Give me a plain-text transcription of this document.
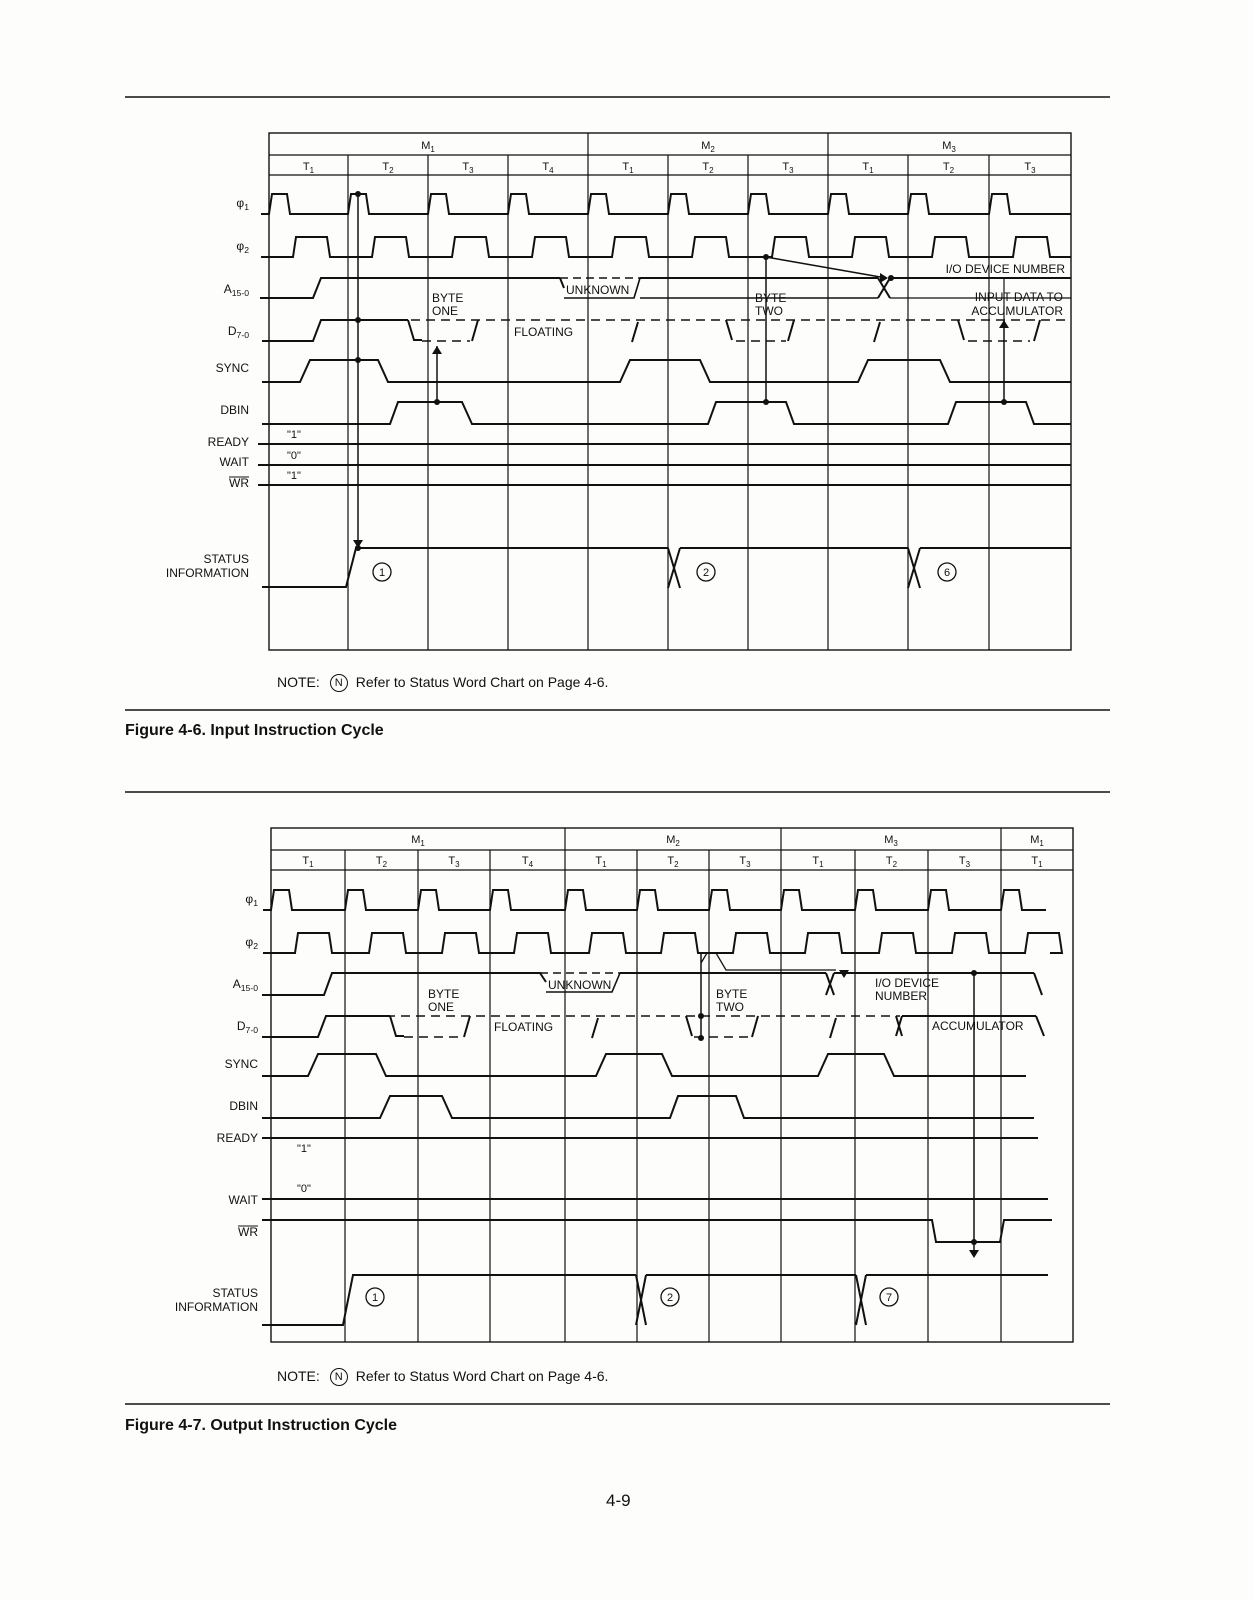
$M_1$	$M_2$	$M_3$
$T_1$	$T_2$	$T_3$	$T_4$	$T_1$	$T_2$	$T_3$	$T_1$	$T_2$	$T_3$
$\varphi_1$
$\varphi_2$
$A_{15-0}$
$D_{7-0}$
SYNC
DBIN
READY
WAIT
WR
STATUS
INFORMATION
"1"
"0"
"1"
1	2	6
BYTE
ONE
UNKNOWN
FLOATING
BYTE
TWO
I/O DEVICE NUMBER
INPUT DATA TO
ACCUMULATOR
$M_1$	$M_2$	$M_3$	$M_1$
$T_1$	$T_2$	$T_3$	$T_4$	$T_1$	$T_2$	$T_3$	$T_1$	$T_2$	$T_3$	$T_1$
$\varphi_1$
$\varphi_2$
$A_{15-0}$
$D_{7-0}$
SYNC
DBIN
READY
WAIT
WR
STATUS
INFORMATION
"1"
"0"
1	2	7
BYTE
ONE
UNKNOWN
FLOATING
BYTE
TWO
I/O DEVICE
NUMBER
ACCUMULATOR
NOTE: N Refer to Status Word Chart on Page 4-6.
Figure 4-6. Input Instruction Cycle
NOTE: N Refer to Status Word Chart on Page 4-6.
Figure 4-7. Output Instruction Cycle
4-9
